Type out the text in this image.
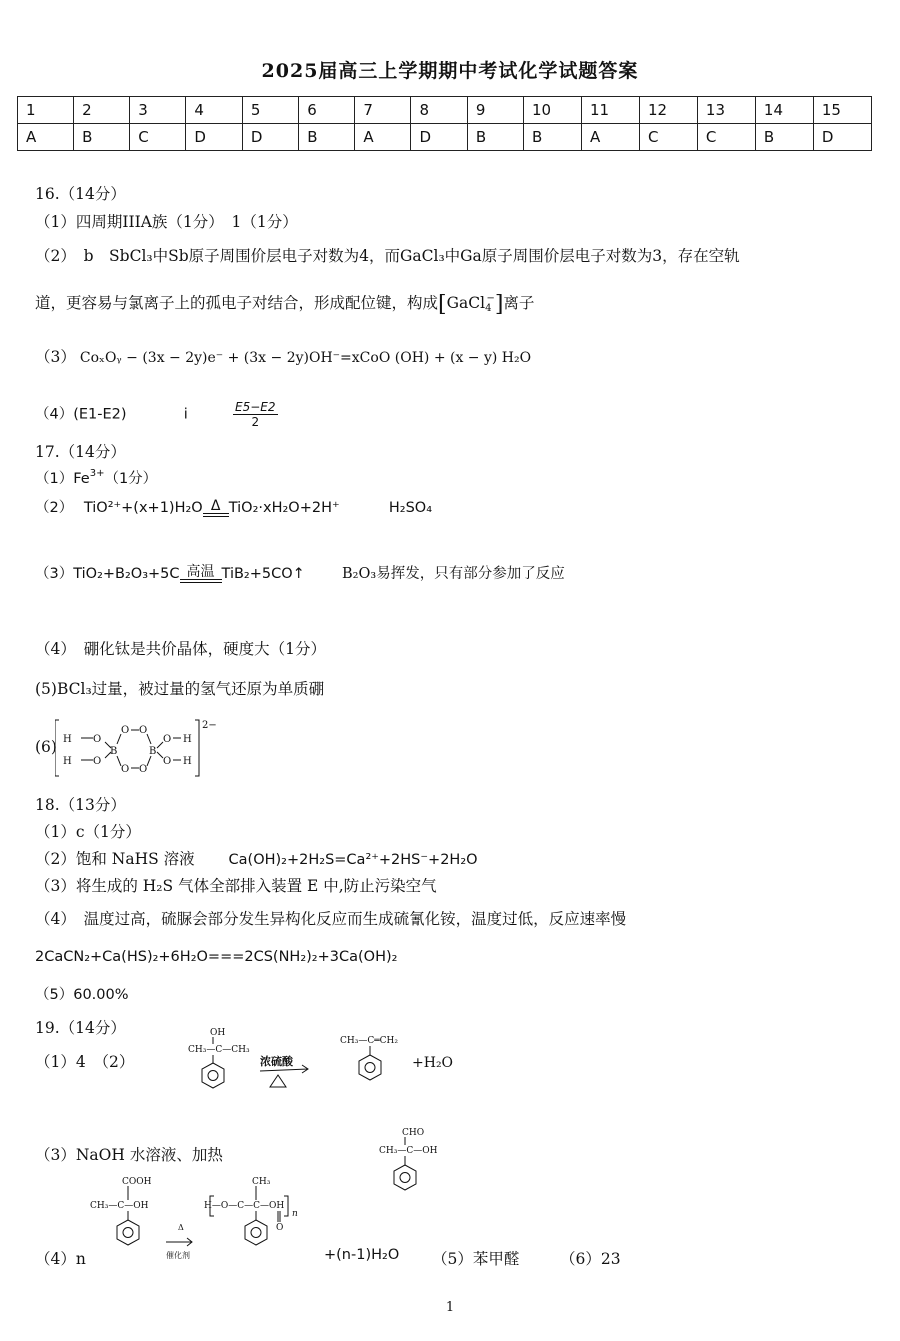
2025届高三上学期期中考试化学试题答案
1	2	3	4	5	6	7	8	9	10	11	12	13	14	15
A	B	C	D	D	B	A	D	B	B	A	C	C	B	D
16.（14分）
（1）四周期IIIA族（1分）　1（1分）
（2）　b　SbCl₃中Sb原子周围价层电子对数为4，而GaCl₃中Ga原子周围价层电子对数为3，存在空轨
道，更容易与氯离子上的孤电子对结合，形成配位键，构成[GaCl$_4$−]离子
（3） CoₓOᵧ − (3x − 2y)e⁻ + (3x − 2y)OH⁻=xCoO (OH) + (x − y) H₂O
（4）(E1-E2)	i	$\frac{E5-E2}{2}$
17.（14分）
$(1)Fe^{3+}(1$分）
（2） TiO²⁺+(x+1)H₂O Δ TiO₂·xH₂O+2H⁺	H₂SO₄
（3）TiO₂+B₂O₃+5C 高温 TiB₂+5CO↑	B₂O₃易挥发，只有部分参加了反应
（4）　硼化钛是共价晶体，硬度大（1分）
(5)BCl₃过量，被过量的氢气还原为单质硼
(6) H O
H O
B
O O
O O
B
O H
O H
2−
18.（13分）
（1）c（1分）
（2）饱和 NaHS 溶液 Ca(OH)₂+2H₂S=Ca²⁺+2HS⁻+2H₂O
（3）将生成的 H₂S 气体全部排入装置 E 中,防止污染空气
（4）　温度过高，硫脲会部分发生异构化反应而生成硫氰化铵，温度过低，反应速率慢
2CaCN₂+Ca(HS)₂+6H₂O===2CS(NH₂)₂+3Ca(OH)₂
（5）60.00%
19.（14分）
（1）4　（2）
OH
CH₃—C—CH₃
CH₃—C═CH₂
浓硫酸	+H₂O
（3）NaOH 水溶液、加热
CHO
CH₃—C—OH
COOH
CH₃—C—OH
CH₃
H—O—C—C—OH
n
O
Δ
催化剂
（4）n	+(n-1)H₂O （5）苯甲醛	（6）23
1
